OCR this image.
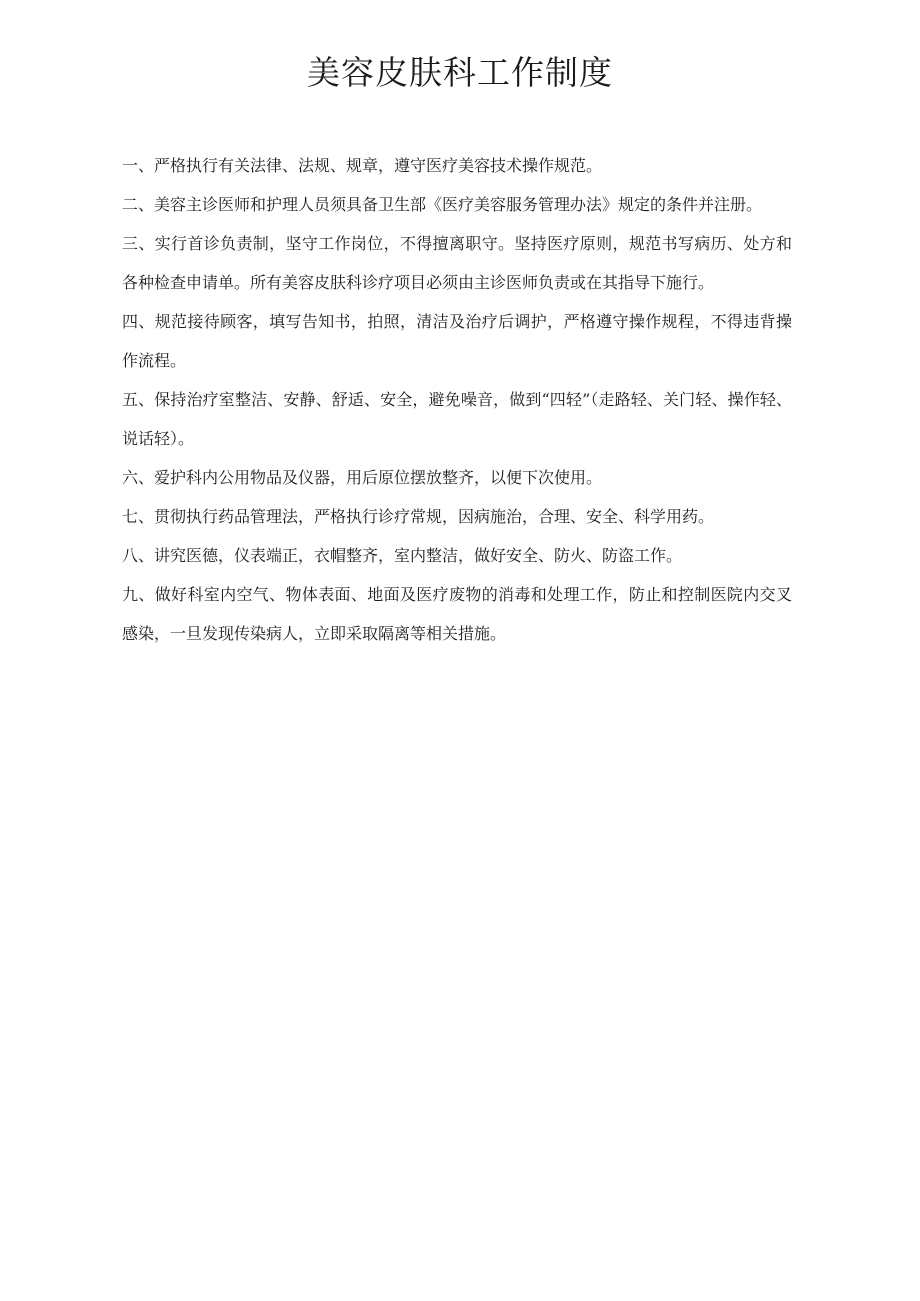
美容皮肤科工作制度
一、严格执行有关法律、法规、规章，遵守医疗美容技术操作规范。
二、美容主诊医师和护理人员须具备卫生部《医疗美容服务管理办法》规定的条件并注册。
三、实行首诊负责制，坚守工作岗位，不得擅离职守。坚持医疗原则，规范书写病历、处方和各种检查申请单。所有美容皮肤科诊疗项目必须由主诊医师负责或在其指导下施行。
四、规范接待顾客，填写告知书，拍照，清洁及治疗后调护，严格遵守操作规程，不得违背操作流程。
五、保持治疗室整洁、安静、舒适、安全，避免噪音，做到“四轻”（走路轻、关门轻、操作轻、说话轻）。
六、爱护科内公用物品及仪器，用后原位摆放整齐，以便下次使用。
七、贯彻执行药品管理法，严格执行诊疗常规，因病施治，合理、安全、科学用药。
八、讲究医德，仪表端正，衣帽整齐，室内整洁，做好安全、防火、防盗工作。
九、做好科室内空气、物体表面、地面及医疗废物的消毒和处理工作，防止和控制医院内交叉感染，一旦发现传染病人，立即采取隔离等相关措施。
